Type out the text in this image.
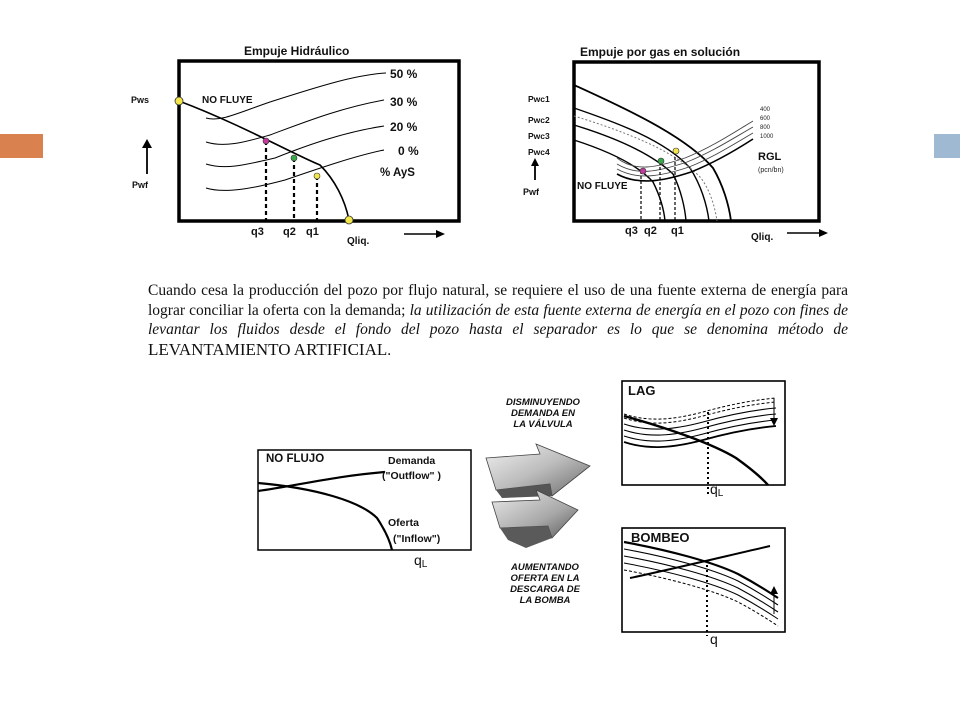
Empuje Hidráulico
50 %
30 %
20 %
0 %
% AyS
NO FLUYE
Pws
Pwf
q3 q2 q1
Qliq.
Empuje por gas en solución
Pwc1
Pwc2
Pwc3
Pwc4
Pwf	NO FLUYE
400
600
800
1000
RGL
(pcn/bn)
q3 q2 q1
Qliq.
Cuando cesa la producción del pozo por flujo natural, se requiere el uso de una fuente externa de energía para lograr conciliar la oferta con la demanda; la utilización de esta fuente externa de energía en el pozo con fines de levantar los fluidos desde el fondo del pozo hasta el separador es lo que se denomina método de LEVANTAMIENTO ARTIFICIAL.
NO FLUJO	Demanda
("Outflow" )
Oferta
("Inflow")
qL
DISMINUYENDO
DEMANDA EN
LA VÁLVULA
AUMENTANDO
OFERTA EN LA
DESCARGA DE
LA BOMBA
LAG
qL
BOMBEO
q
